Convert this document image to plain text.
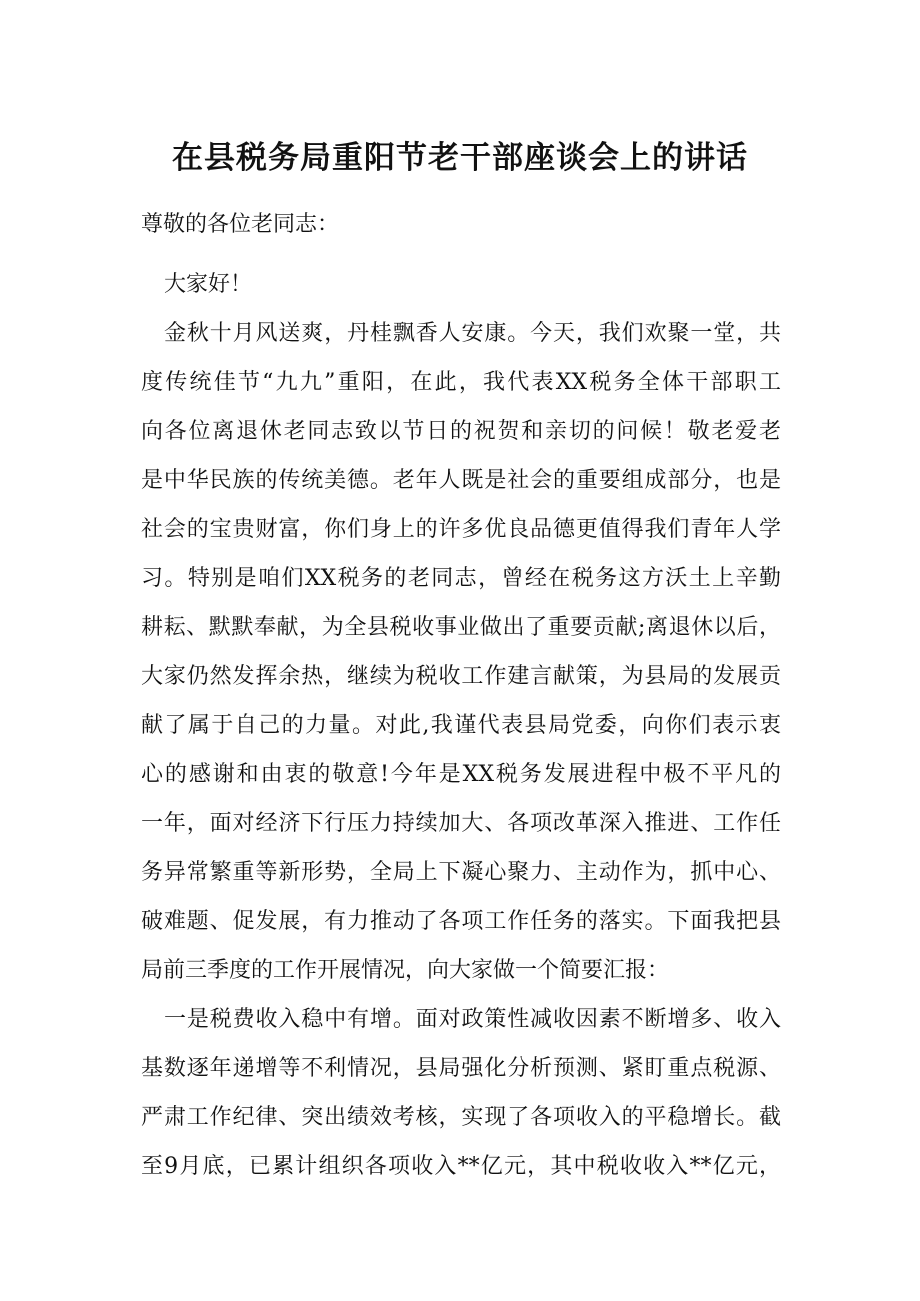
在县税务局重阳节老干部座谈会上的讲话

尊敬的各位老同志：

大家好！

金秋十月风送爽，丹桂飘香人安康。今天，我们欢聚一堂，共

度传统佳节“九九”重阳，在此，我代表XX税务全体干部职工

向各位离退休老同志致以节日的祝贺和亲切的问候！敬老爱老

是中华民族的传统美德。老年人既是社会的重要组成部分，也是

社会的宝贵财富，你们身上的许多优良品德更值得我们青年人学

习。特别是咱们XX税务的老同志，曾经在税务这方沃土上辛勤

耕耘、默默奉献，为全县税收事业做出了重要贡献;离退休以后，

大家仍然发挥余热，继续为税收工作建言献策，为县局的发展贡

献了属于自己的力量。对此,我谨代表县局党委，向你们表示衷

心的感谢和由衷的敬意!今年是XX税务发展进程中极不平凡的

一年，面对经济下行压力持续加大、各项改革深入推进、工作任

务异常繁重等新形势，全局上下凝心聚力、主动作为，抓中心、

破难题、促发展，有力推动了各项工作任务的落实。下面我把县

局前三季度的工作开展情况，向大家做一个简要汇报：

一是税费收入稳中有增。面对政策性减收因素不断增多、收入

基数逐年递增等不利情况，县局强化分析预测、紧盯重点税源、

严肃工作纪律、突出绩效考核，实现了各项收入的平稳增长。截

至9月底，已累计组织各项收入**亿元，其中税收收入**亿元，
